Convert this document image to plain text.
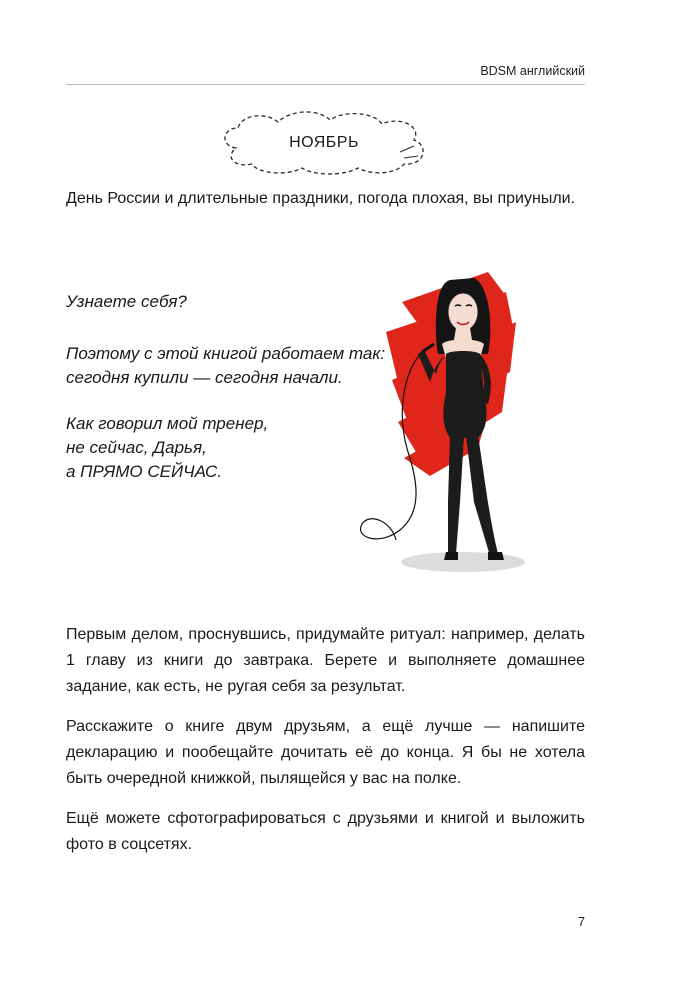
BDSM английский
НОЯБРЬ

День России и длительные праздники, погода плохая, вы приуныли.

Узнаете себя?

Поэтому с этой книгой работаем так:

сегодня купили — сегодня начали.

Как говорил мой тренер,

не сейчас, Дарья,

а ПРЯМО СЕЙЧАС.

Первым делом, проснувшись, придумайте ритуал: например, делать 1 главу из книги до завтрака. Берете и выполняете домашнее задание, как есть, не ругая себя за результат.

Расскажите о книге двум друзьям, а ещё лучше — напишите декларацию и пообещайте дочитать её до конца. Я бы не хотела быть очередной книжкой, пылящейся у вас на полке.

Ещё можете сфотографироваться с друзьями и книгой и выложить фото в соцсетях.

7
